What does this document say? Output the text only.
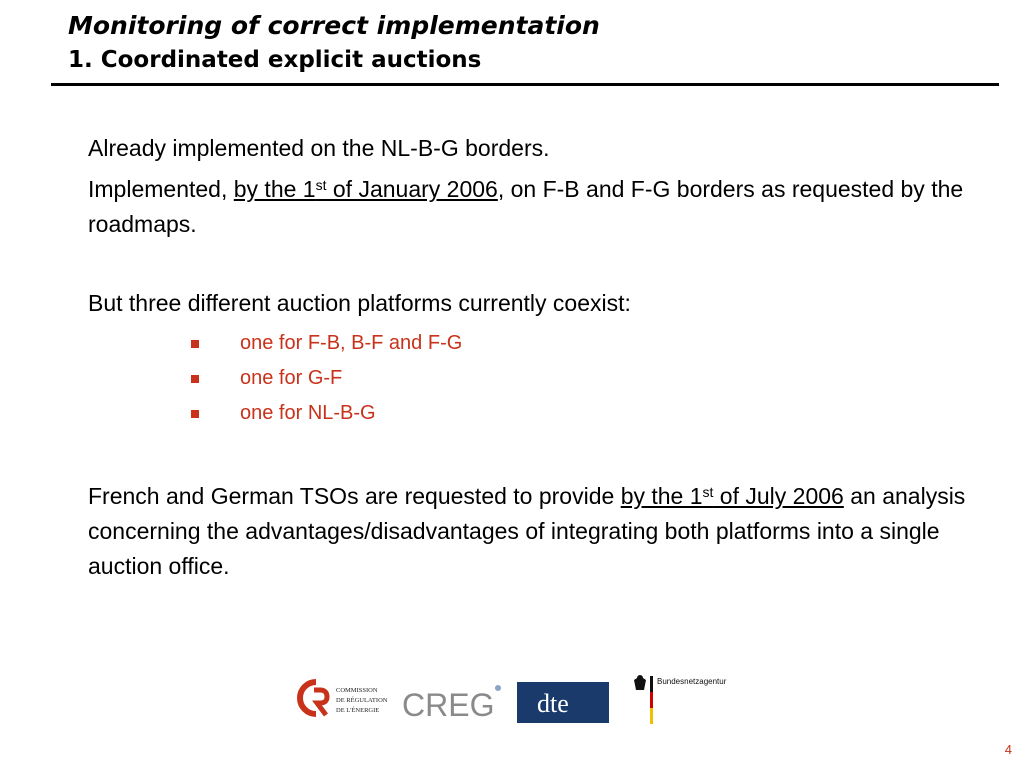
Monitoring of correct implementation
1. Coordinated explicit auctions

Already implemented on the NL-B-G borders.

Implemented, by the 1st of January 2006, on F-B and F-G borders as requested by the roadmaps.

But three different auction platforms currently coexist:

one for F-B, B-F and F-G
one for G-F
one for NL-B-G

French and German TSOs are requested to provide by the 1st of July 2006 an analysis concerning the advantages/disadvantages of integrating both platforms into a single auction office.

COMMISSION
DE RÉGULATION
DE L'ÉNERGIE CREG dte
Bundesnetzagentur
4
